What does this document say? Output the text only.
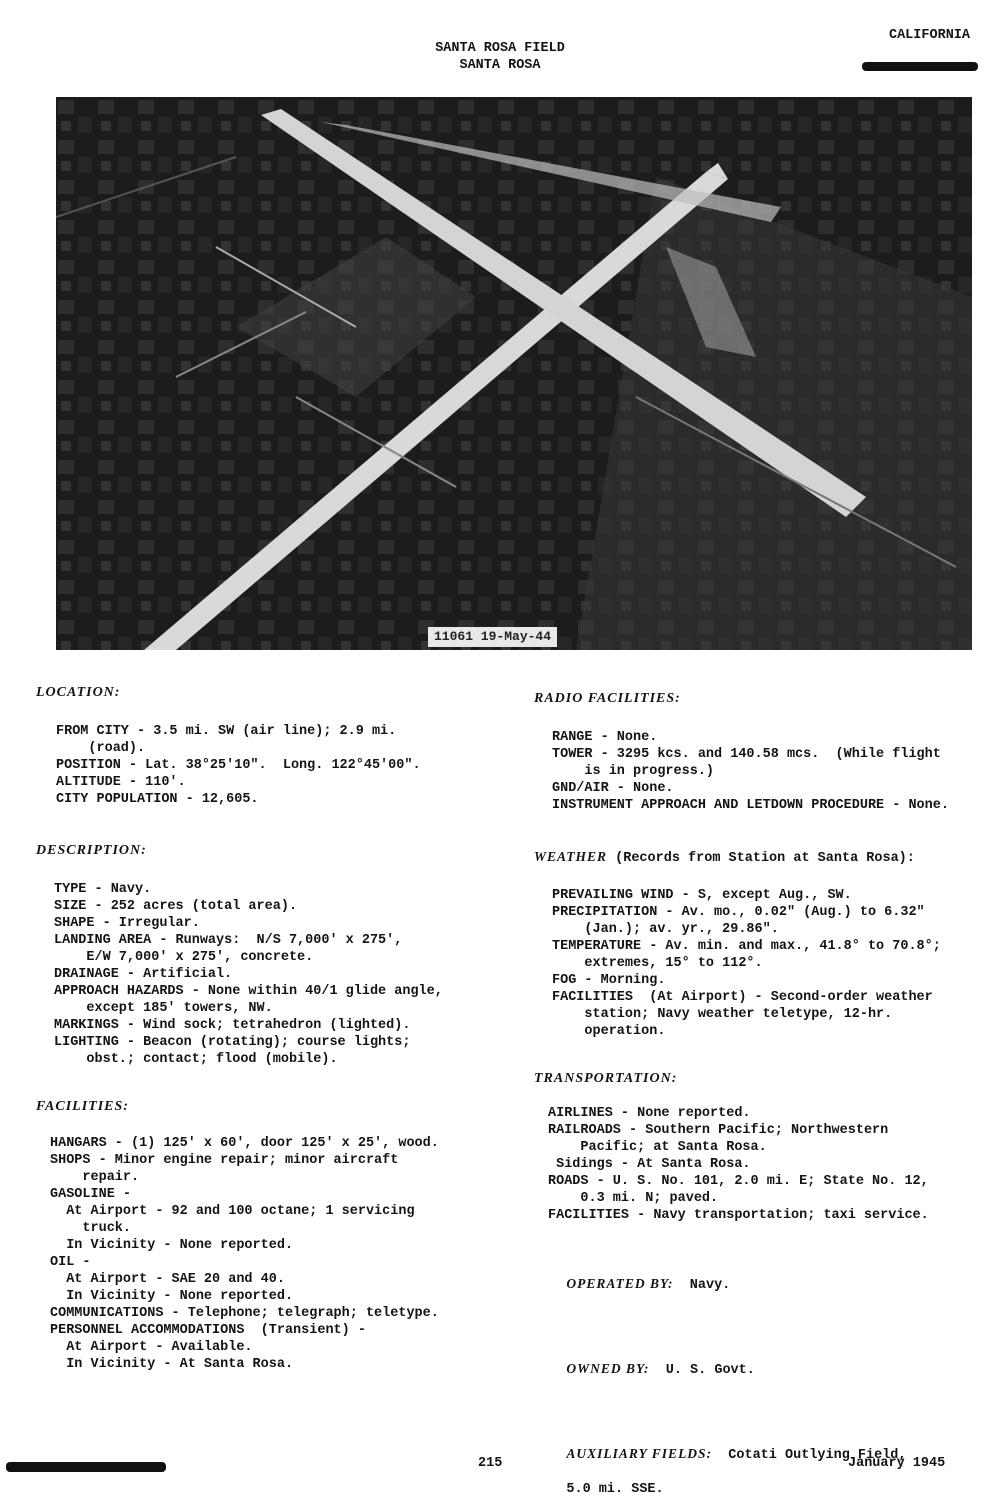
SANTA ROSA FIELD
SANTA ROSA
CALIFORNIA
11061 19-May-44
LOCATION:
FROM CITY - 3.5 mi. SW (air line); 2.9 mi.
(road).
POSITION - Lat. 38°25'10".  Long. 122°45'00".
ALTITUDE - 110'.
CITY POPULATION - 12,605.
DESCRIPTION:
TYPE - Navy.
SIZE - 252 acres (total area).
SHAPE - Irregular.
LANDING AREA - Runways:  N/S 7,000' x 275',
E/W 7,000' x 275', concrete.
DRAINAGE - Artificial.
APPROACH HAZARDS - None within 40/1 glide angle,
except 185' towers, NW.
MARKINGS - Wind sock; tetrahedron (lighted).
LIGHTING - Beacon (rotating); course lights;
obst.; contact; flood (mobile).
FACILITIES:
HANGARS - (1) 125' x 60', door 125' x 25', wood.
SHOPS - Minor engine repair; minor aircraft
repair.
GASOLINE -
At Airport - 92 and 100 octane; 1 servicing
truck.
In Vicinity - None reported.
OIL -
At Airport - SAE 20 and 40.
In Vicinity - None reported.
COMMUNICATIONS - Telephone; telegraph; teletype.
PERSONNEL ACCOMMODATIONS  (Transient) -
At Airport - Available.
In Vicinity - At Santa Rosa.
RADIO FACILITIES:
RANGE - None.
TOWER - 3295 kcs. and 140.58 mcs.  (While flight
is in progress.)
GND/AIR - None.
INSTRUMENT APPROACH AND LETDOWN PROCEDURE - None.
WEATHER (Records from Station at Santa Rosa):
PREVAILING WIND - S, except Aug., SW.
PRECIPITATION - Av. mo., 0.02" (Aug.) to 6.32"
(Jan.); av. yr., 29.86".
TEMPERATURE - Av. min. and max., 41.8° to 70.8°;
extremes, 15° to 112°.
FOG - Morning.
FACILITIES  (At Airport) - Second-order weather
station; Navy weather teletype, 12-hr.
operation.
TRANSPORTATION:
AIRLINES - None reported.
RAILROADS - Southern Pacific; Northwestern
Pacific; at Santa Rosa.
Sidings - At Santa Rosa.
ROADS - U. S. No. 101, 2.0 mi. E; State No. 12,
0.3 mi. N; paved.
FACILITIES - Navy transportation; taxi service.

OPERATED BY:  Navy.

OWNED BY:  U. S. Govt.

AUXILIARY FIELDS:  Cotati Outlying Field,

5.0 mi. SSE.
215	January 1945
